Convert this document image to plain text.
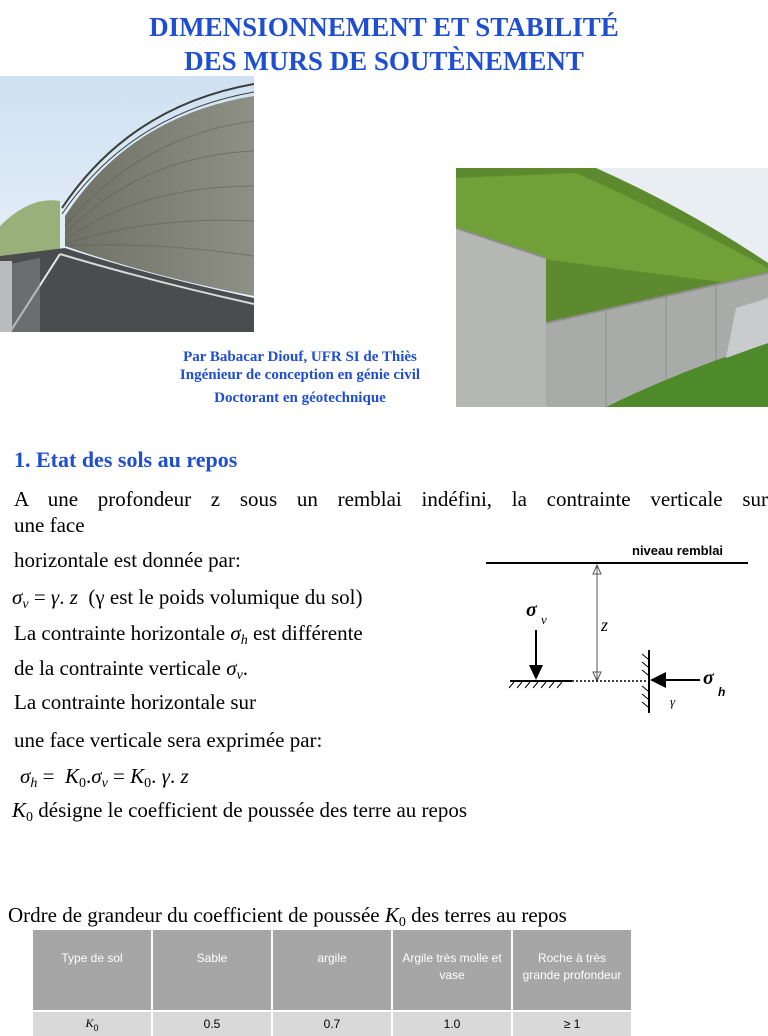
DIMENSIONNEMENT ET STABILITÉ
DES MURS DE SOUTÈNEMENT
Par Babacar Diouf, UFR SI de Thiès
Ingénieur de conception en génie civil
Doctorant en géotechnique
1. Etat des sols au repos
A une profondeur z sous un remblai indéfini, la contrainte verticale sur
une face
horizontale est donnée par:
$\sigma_v = \gamma$. z (γ est le poids volumique du sol)
La contrainte horizontale $\sigma_h$ est différente
de la contrainte verticale $\sigma_v$.
La contrainte horizontale sur
une face verticale sera exprimée par:
$\sigma_h = K_0.\sigma_v = K_0$. γ. z
$K_0$ désigne le coefficient de poussée des terre au repos
niveau remblai
z
σ v
σ
h
γ
Ordre de grandeur du coefficient de poussée $K_0$ des terres au repos
Type de sol	Sable	argile	Argile très molle et vase	Roche à très grande profondeur
$K_0$	0.5	0.7	1.0	≥ 1
